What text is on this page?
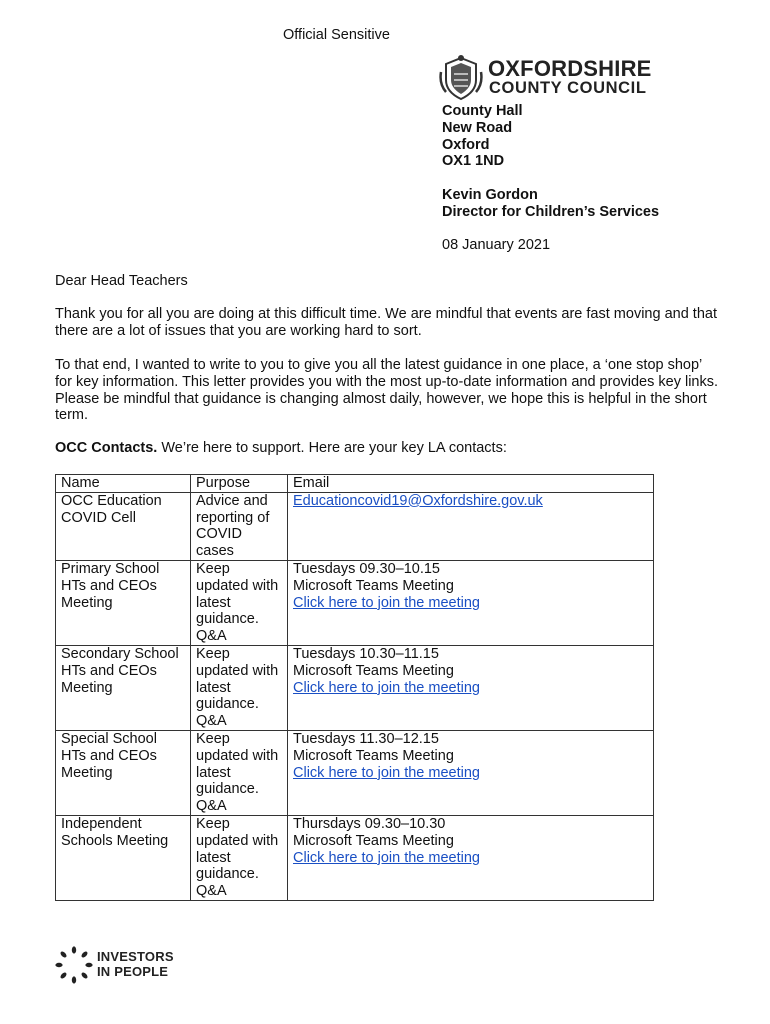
Official Sensitive
OXFORDSHIRE
COUNTY COUNCIL
County Hall
New Road
Oxford
OX1 1ND
Kevin Gordon
Director for Children’s Services
08 January 2021
Dear Head Teachers

Thank you for all you are doing at this difficult time. We are mindful that events are fast moving and that there are a lot of issues that you are working hard to sort.

To that end, I wanted to write to you to give you all the latest guidance in one place, a ‘one stop shop’ for key information. This letter provides you with the most up-to-date information and provides key links. Please be mindful that guidance is changing almost daily, however, we hope this is helpful in the short term.

OCC Contacts. We’re here to support. Here are your key LA contacts:

Name	Purpose	Email
OCC Education COVID Cell	Advice and reporting of COVID cases	Educationcovid19@Oxfordshire.gov.uk
Primary School HTs and CEOs Meeting	Keep updated with latest guidance. Q&A	Tuesdays 09.30–10.15
Microsoft Teams Meeting
Click here to join the meeting
Secondary School HTs and CEOs Meeting	Keep updated with latest guidance. Q&A	Tuesdays 10.30–11.15
Microsoft Teams Meeting
Click here to join the meeting
Special School HTs and CEOs Meeting	Keep updated with latest guidance. Q&A	Tuesdays 11.30–12.15
Microsoft Teams Meeting
Click here to join the meeting
Independent Schools Meeting	Keep updated with latest guidance. Q&A	Thursdays 09.30–10.30
Microsoft Teams Meeting
Click here to join the meeting
INVESTORS
IN PEOPLE
